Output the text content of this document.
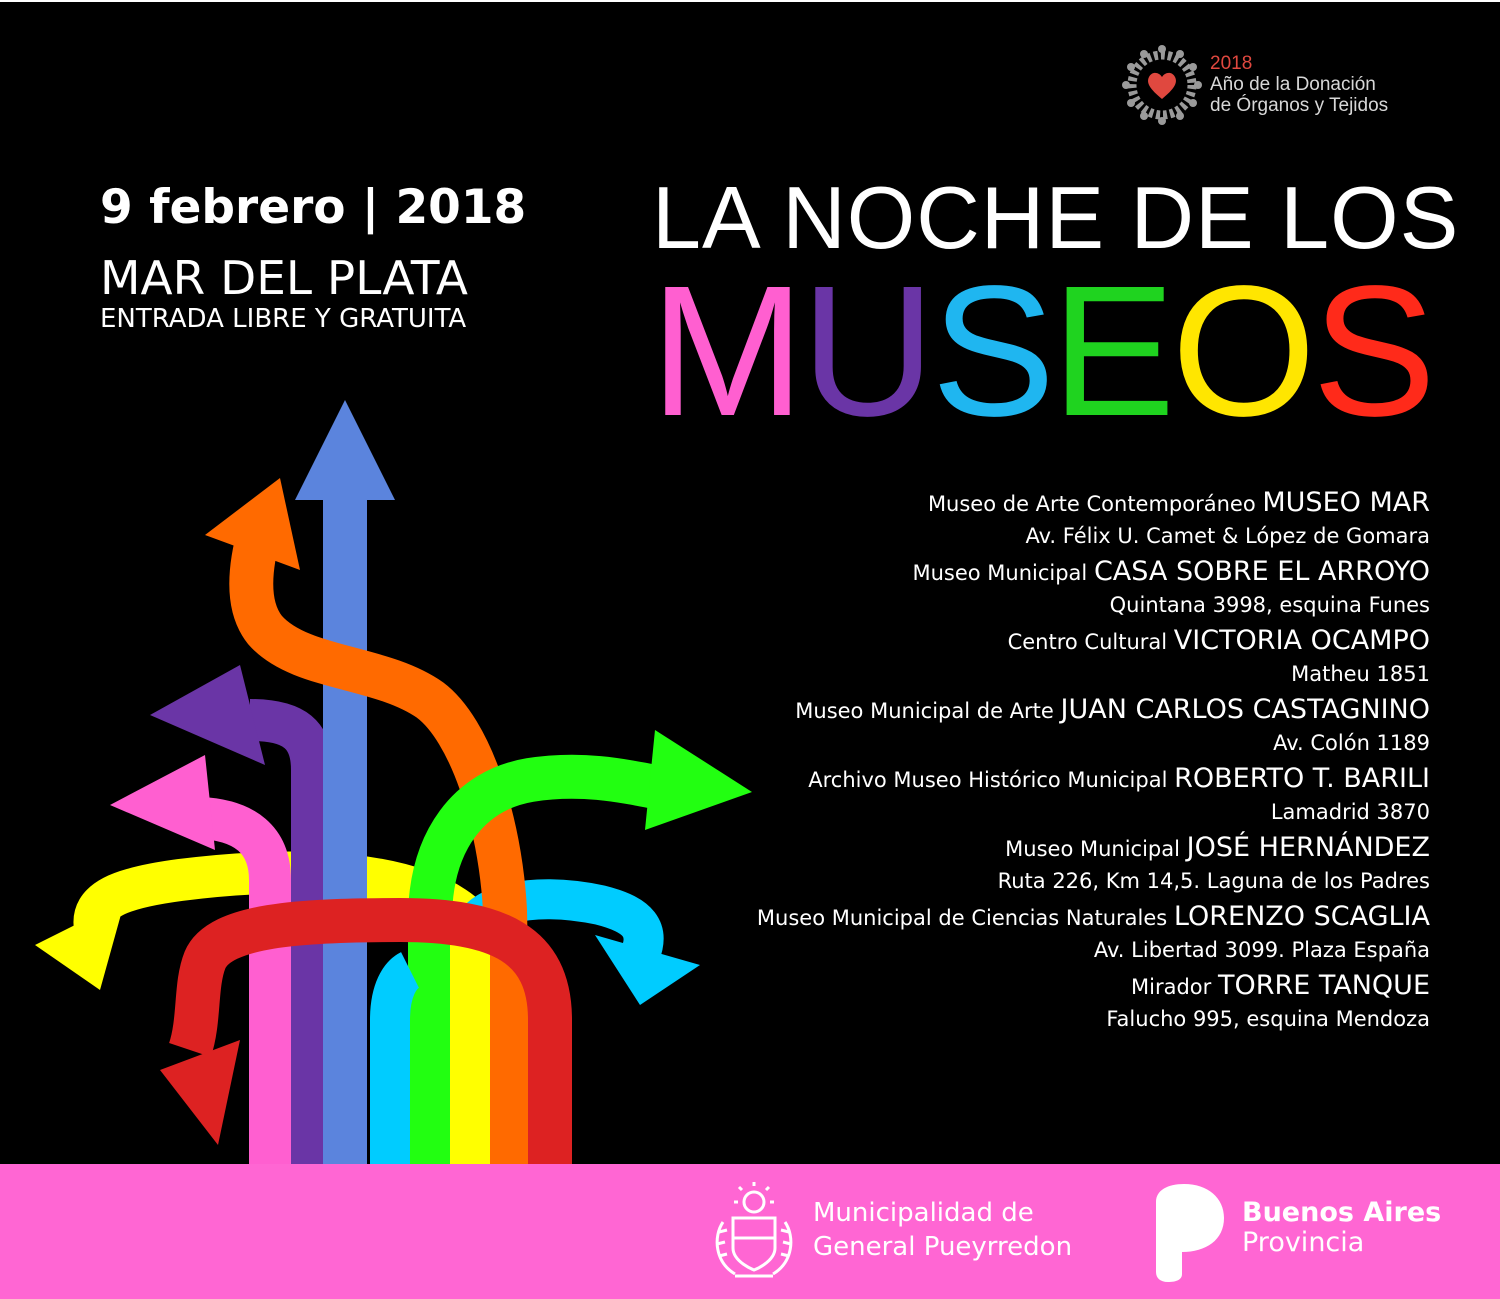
2018
Año de la Donación
de Órganos y Tejidos
9 febrero | 2018
MAR DEL PLATA
ENTRADA LIBRE Y GRATUITA
LA NOCHE DE LOS
MUSEOS
Museo de Arte Contemporáneo MUSEO MAR
Av. Félix U. Camet & López de Gomara
Museo Municipal CASA SOBRE EL ARROYO
Quintana 3998, esquina Funes
Centro Cultural VICTORIA OCAMPO
Matheu 1851
Museo Municipal de Arte JUAN CARLOS CASTAGNINO
Av. Colón 1189
Archivo Museo Histórico Municipal ROBERTO T. BARILI
Lamadrid 3870
Museo Municipal JOSÉ HERNÁNDEZ
Ruta 226, Km 14,5. Laguna de los Padres
Museo Municipal de Ciencias Naturales LORENZO SCAGLIA
Av. Libertad 3099. Plaza España
Mirador TORRE TANQUE
Falucho 995, esquina Mendoza
Municipalidad de
General Pueyrredon
Buenos Aires
Provincia
